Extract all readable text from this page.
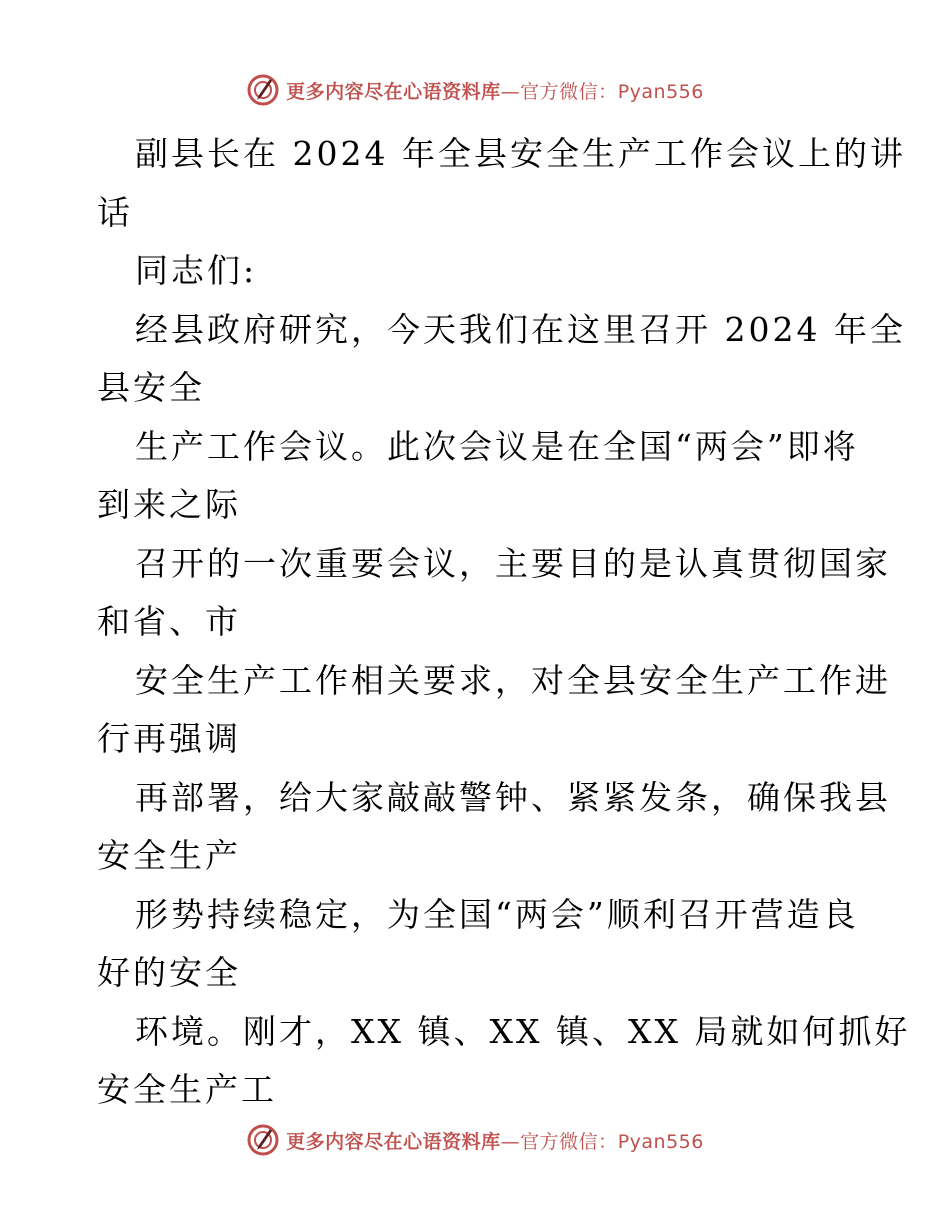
更多内容尽在心语资料库—官方微信：Pyan556
副县长在 2024 年全县安全生产工作会议上的讲
话
同志们:
经县政府研究，今天我们在这里召开 2024 年全
县安全
生产工作会议。此次会议是在全国“两会”即将
到来之际
召开的一次重要会议，主要目的是认真贯彻国家
和省、市
安全生产工作相关要求，对全县安全生产工作进
行再强调
再部署，给大家敲敲警钟、紧紧发条，确保我县
安全生产
形势持续稳定，为全国“两会”顺利召开营造良
好的安全
环境。刚才，XX 镇、XX 镇、XX 局就如何抓好
安全生产工
更多内容尽在心语资料库—官方微信：Pyan556
